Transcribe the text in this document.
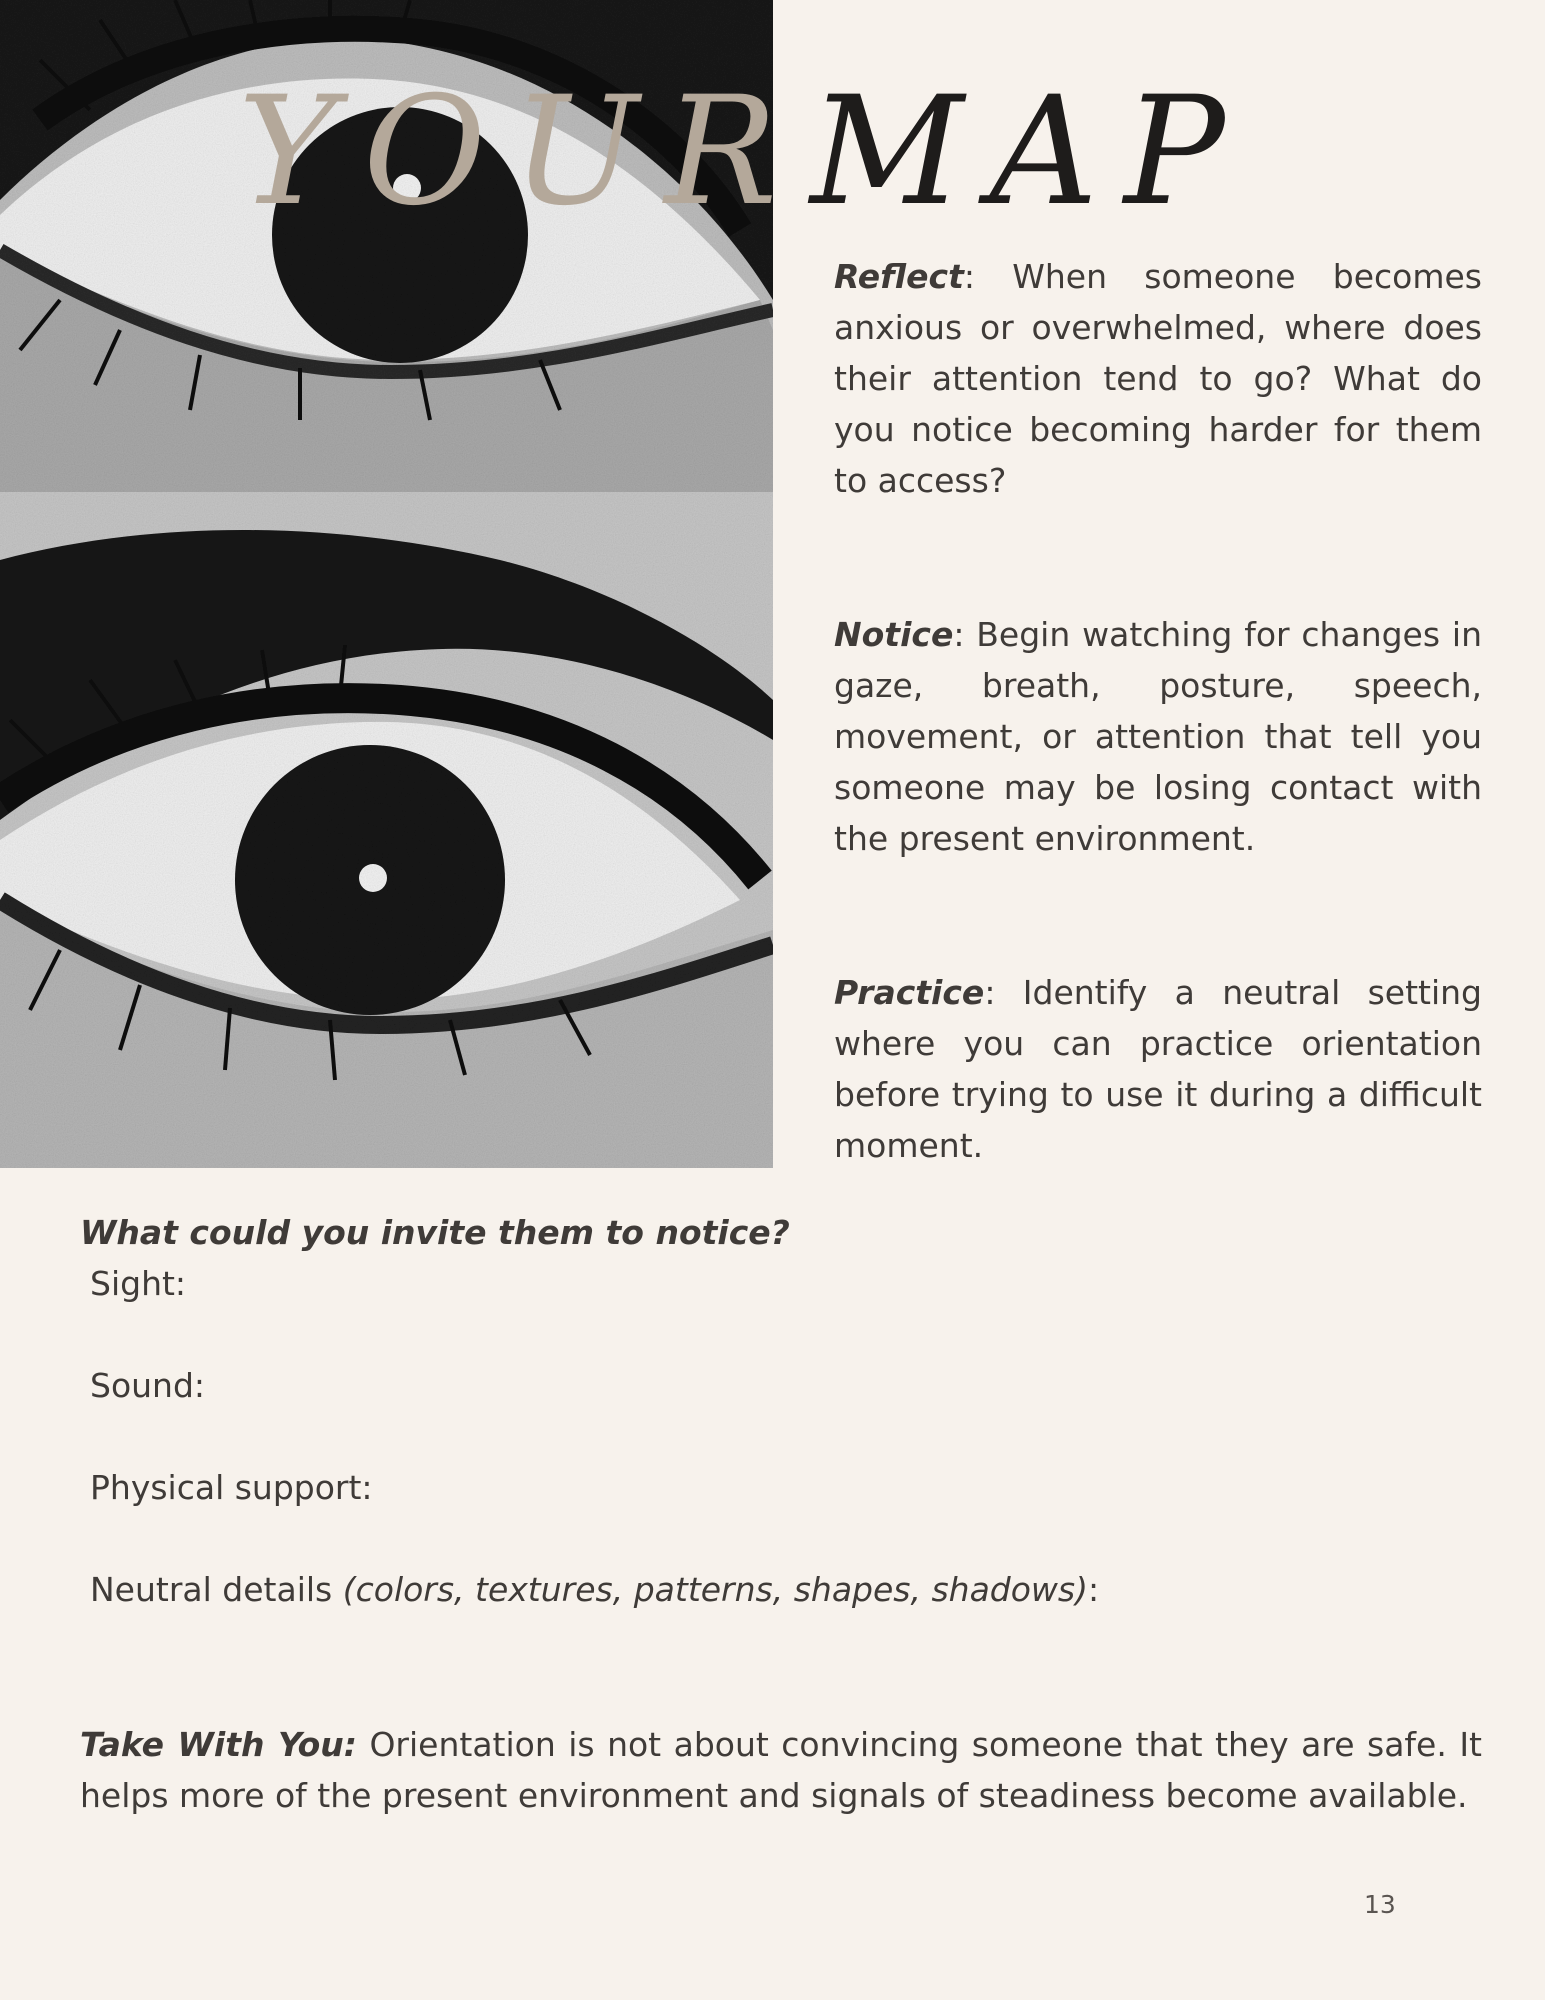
YOUR MAP
Reflect: When someone becomes anxious or overwhelmed, where does their attention tend to go? What do you notice becoming harder for them to access?
Notice: Begin watching for changes in gaze, breath, posture, speech, movement, or attention that tell you someone may be losing contact with the present environment.
Practice: Identify a neutral setting where you can practice orientation before trying to use it during a difficult moment.
What could you invite them to notice?
Sight:
Sound:
Physical support:
Neutral details (colors, textures, patterns, shapes, shadows):
Take With You: Orientation is not about convincing someone that they are safe. It helps more of the present environment and signals of steadiness become available.
13
